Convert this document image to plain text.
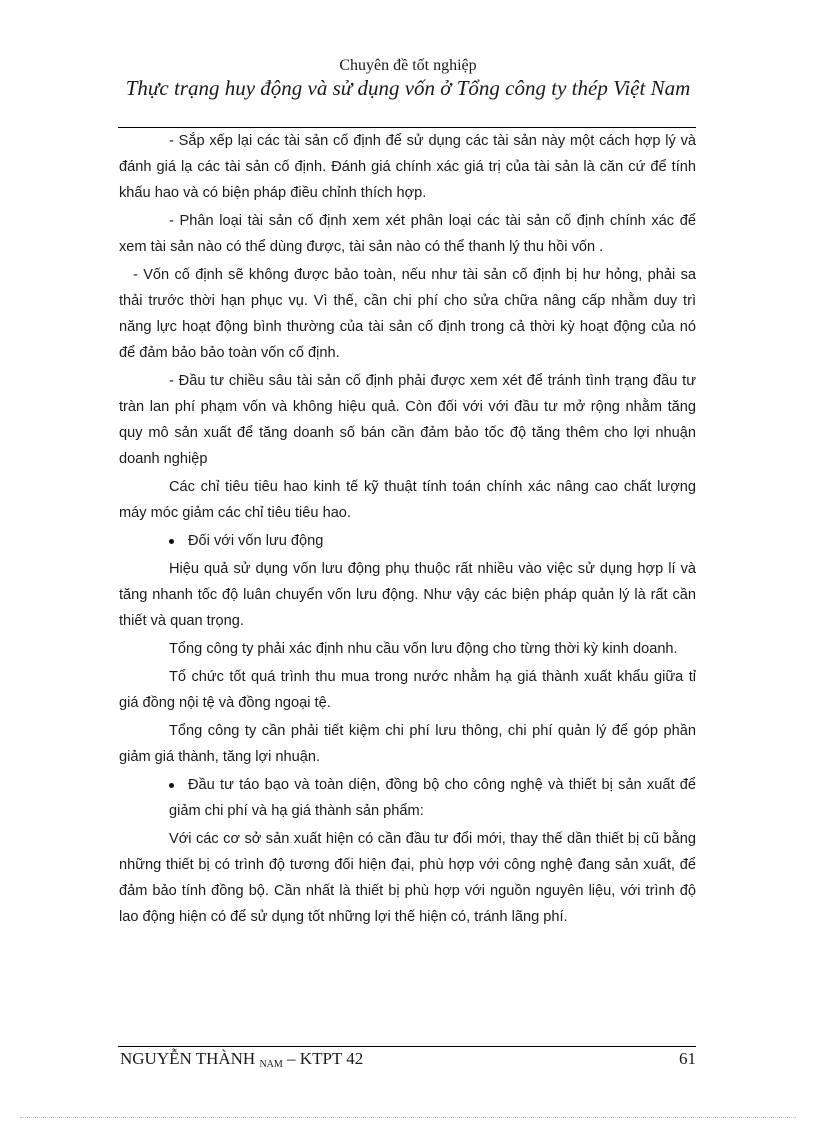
Chuyên đề tốt nghiệp
Thực trạng huy động và sử dụng vốn ở Tổng công ty thép Việt Nam

- Sắp xếp lại các tài sản cố định để sử dụng các tài sản này một cách hợp lý và đánh giá lạ các tài sản cố định. Đánh giá chính xác giá trị của tài sản là căn cứ để tính khấu hao và có biện pháp điều chỉnh thích hợp.

- Phân loại tài sản cố định xem xét phân loại các tài sản cố định chính xác để xem tài sản nào có thể dùng được, tài sản nào có thể thanh lý thu hồi vốn .

- Vốn cố định sẽ không được bảo toàn, nếu như tài sản cố định bị hư hỏng, phải sa thải trước thời hạn phục vụ. Vì thế, cần chi phí cho sửa chữa nâng cấp nhằm duy trì năng lực hoạt động bình thường của tài sản cố định trong cả thời kỳ hoạt động của nó để đảm bảo bảo toàn vốn cố định.

- Đầu tư chiều sâu tài sản cố định phải được xem xét để tránh tình trạng đầu tư tràn lan phí phạm vốn và không hiệu quả. Còn đối với với đầu tư mở rộng nhằm tăng quy mô sản xuất để tăng doanh số bán cần đảm bảo tốc độ tăng thêm cho lợi nhuận doanh nghiệp

Các chỉ tiêu tiêu hao kinh tế kỹ thuật tính toán chính xác nâng cao chất lượng máy móc giảm các chỉ tiêu tiêu hao.

Đối với vốn lưu động

Hiệu quả sử dụng vốn lưu động phụ thuộc rất nhiều vào việc sử dụng hợp lí và tăng nhanh tốc độ luân chuyển vốn lưu động. Như vậy các biện pháp quản lý là rất cần thiết và quan trọng.

Tổng công ty phải xác định nhu cầu vốn lưu động cho từng thời kỳ kinh doanh.

Tổ chức tốt quá trình thu mua trong nước nhằm hạ giá thành xuất khẩu giữa tỉ giá đồng nội tệ và đồng ngoại tệ.

Tổng công ty cần phải tiết kiệm chi phí lưu thông, chi phí quản lý để góp phần giảm giá thành, tăng lợi nhuận.

Đầu tư táo bạo và toàn diện, đồng bộ cho công nghệ và thiết bị sản xuất để giảm chi phí và hạ giá thành sản phẩm:

Với các cơ sở sản xuất hiện có cần đầu tư đổi mới, thay thế dần thiết bị cũ bằng những thiết bị có trình độ tương đối hiện đại, phù hợp với công nghệ đang sản xuất, để đảm bảo tính đồng bộ. Cần nhất là thiết bị phù hợp với nguồn nguyên liệu, với trình độ lao động hiện có để sử dụng tốt những lợi thế hiện có, tránh lãng phí.

NGUYỄN THÀNH NAM – KTPT 42	61
